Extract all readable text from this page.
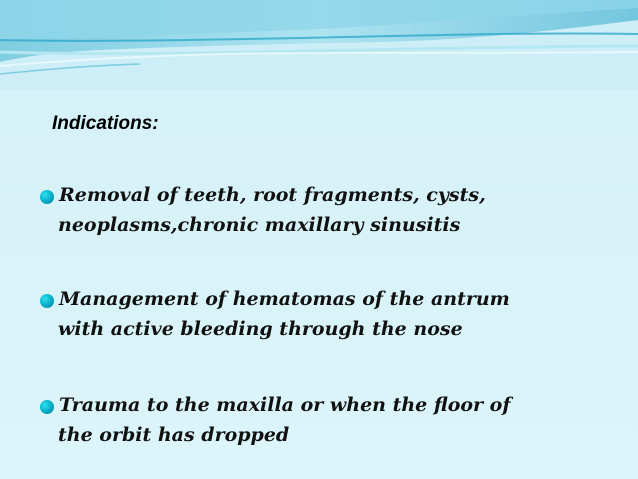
Indications:
Removal of teeth, root fragments, cysts,
neoplasms,chronic maxillary sinusitis
Management of hematomas of the antrum
with active bleeding through the nose
Trauma to the maxilla or when the floor of
the orbit has dropped
